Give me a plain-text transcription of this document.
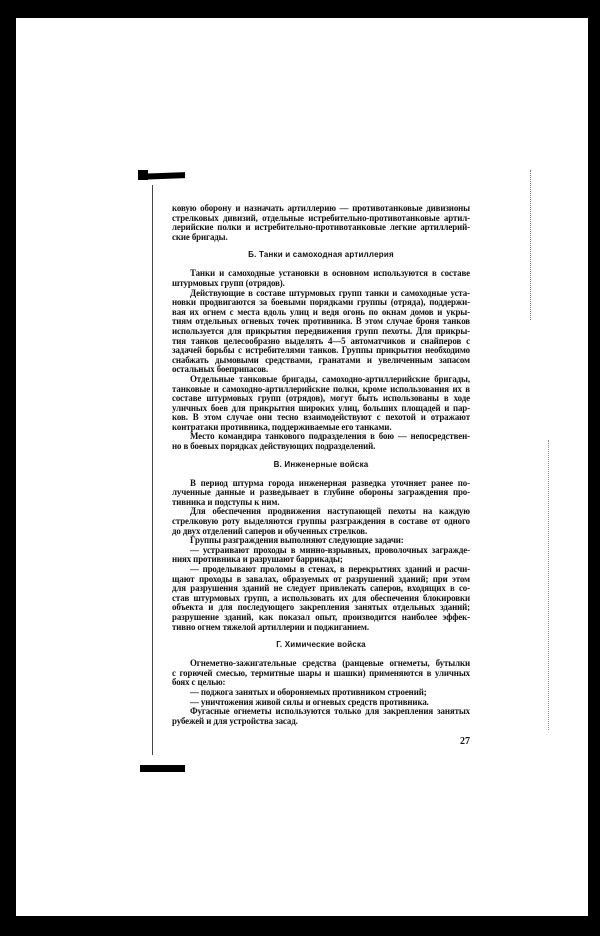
ковую оборону и назначать артиллерию — противотанковые дивизионы
стрелковых дивизий, отдельные истребительно-противотанковые артил-
лерийские полки и истребительно-противотанковые легкие артиллерий-
ские бригады.
Б. Танки и самоходная артиллерия
Танки и самоходные установки в основном используются в составе
штурмовых групп (отрядов).
Действующие в составе штурмовых групп танки и самоходные уста-
новки продвигаются за боевыми порядками группы (отряда), поддержи-
вая их огнем с места вдоль улиц и ведя огонь по окнам домов и укры-
тиям отдельных огневых точек противника. В этом случае броня танков
используется для прикрытия передвижения групп пехоты. Для прикры-
тия танков целесообразно выделять 4—5 автоматчиков и снайперов с
задачей борьбы с истребителями танков. Группы прикрытия необходимо
снабжать дымовыми средствами, гранатами и увеличенным запасом
остальных боеприпасов.
Отдельные танковые бригады, самоходно-артиллерийские бригады,
танковые и самоходно-артиллерийские полки, кроме использования их в
составе штурмовых групп (отрядов), могут быть использованы в ходе
уличных боев для прикрытия широких улиц, больших площадей и пар-
ков. В этом случае они тесно взаимодействуют с пехотой и отражают
контратаки противника, поддерживаемые его танками.
Место командира танкового подразделения в бою — непосредствен-
но в боевых порядках действующих подразделений.
В. Инженерные войска
В период штурма города инженерная разведка уточняет ранее по-
лученные данные и разведывает в глубине обороны заграждения про-
тивника и подступы к ним.
Для обеспечения продвижения наступающей пехоты на каждую
стрелковую роту выделяются группы разграждения в составе от одного
до двух отделений саперов и обученных стрелков.
Группы разграждения выполняют следующие задачи:
— устраивают проходы в минно-взрывных, проволочных загражде-
ниях противника и разрушают баррикады;
— проделывают проломы в стенах, в перекрытиях зданий и расчи-
щают проходы в завалах, образуемых от разрушений зданий; при этом
для разрушения зданий не следует привлекать саперов, входящих в со-
став штурмовых групп, а использовать их для обеспечения блокировки
объекта и для последующего закрепления занятых отдельных зданий;
разрушение зданий, как показал опыт, производится наиболее эффек-
тивно огнем тяжелой артиллерии и поджиганием.
Г. Химические войска
Огнеметно-зажигательные средства (ранцевые огнеметы, бутылки
с горючей смесью, термитные шары и шашки) применяются в уличных
боях с целью:
— поджога занятых и обороняемых противником строений;
— уничтожения живой силы и огневых средств противника.
Фугасные огнеметы используются только для закрепления занятых
рубежей и для устройства засад.
27
